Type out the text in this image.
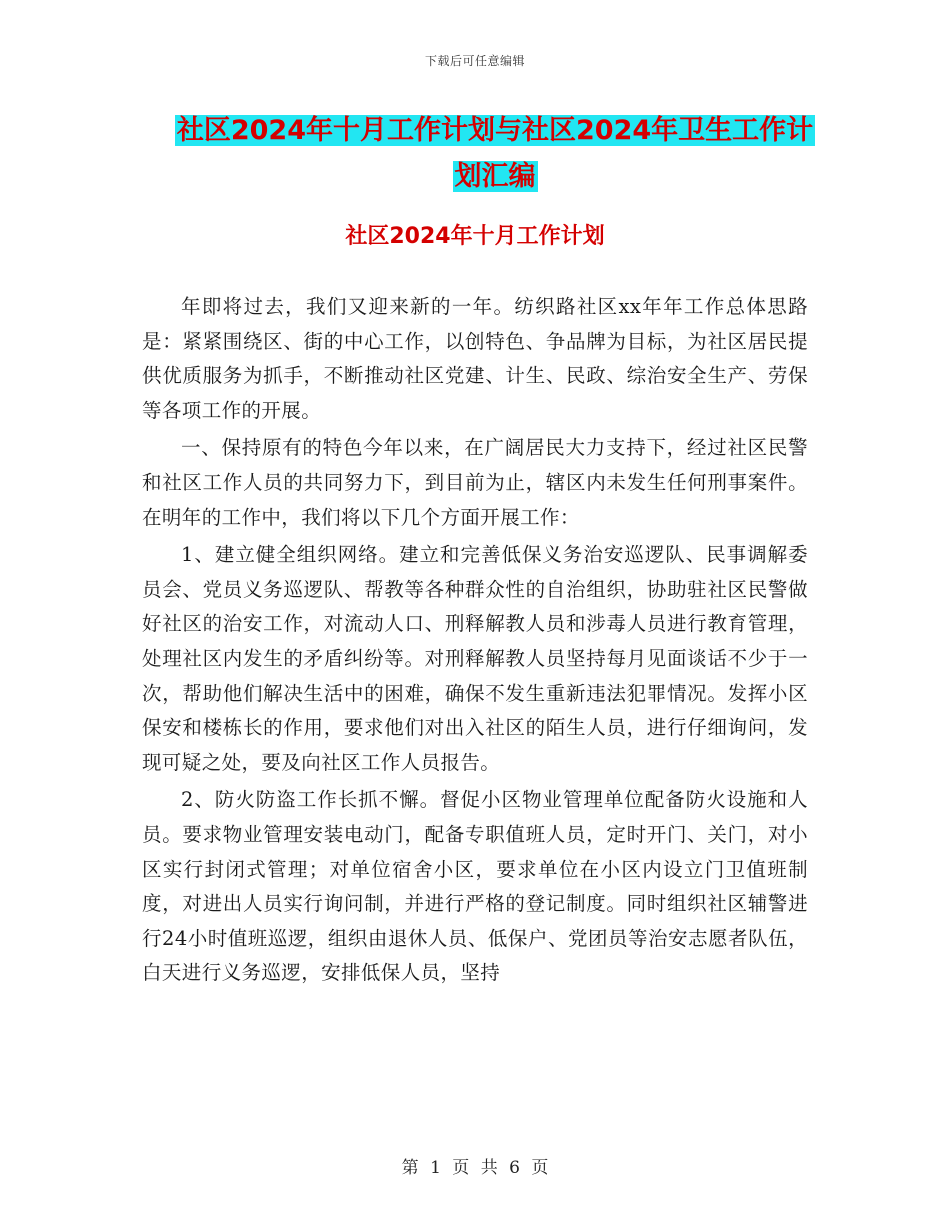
下载后可任意编辑
社区2024年十月工作计划与社区2024年卫生工作计
划汇编
社区2024年十月工作计划

年即将过去，我们又迎来新的一年。纺织路社区xx年年工作总体思路是：紧紧围绕区、街的中心工作，以创特色、争品牌为目标，为社区居民提供优质服务为抓手，不断推动社区党建、计生、民政、综治安全生产、劳保等各项工作的开展。

一、保持原有的特色今年以来，在广阔居民大力支持下，经过社区民警和社区工作人员的共同努力下，到目前为止，辖区内未发生任何刑事案件。在明年的工作中，我们将以下几个方面开展工作：

1、建立健全组织网络。建立和完善低保义务治安巡逻队、民事调解委员会、党员义务巡逻队、帮教等各种群众性的自治组织，协助驻社区民警做好社区的治安工作，对流动人口、刑释解教人员和涉毒人员进行教育管理，处理社区内发生的矛盾纠纷等。对刑释解教人员坚持每月见面谈话不少于一次，帮助他们解决生活中的困难，确保不发生重新违法犯罪情况。发挥小区保安和楼栋长的作用，要求他们对出入社区的陌生人员，进行仔细询问，发现可疑之处，要及向社区工作人员报告。

2、防火防盗工作长抓不懈。督促小区物业管理单位配备防火设施和人员。要求物业管理安装电动门，配备专职值班人员，定时开门、关门，对小区实行封闭式管理；对单位宿舍小区，要求单位在小区内设立门卫值班制度，对进出人员实行询问制，并进行严格的登记制度。同时组织社区辅警进行24小时值班巡逻，组织由退休人员、低保户、党团员等治安志愿者队伍，白天进行义务巡逻，安排低保人员，坚持

第 1 页 共 6 页
